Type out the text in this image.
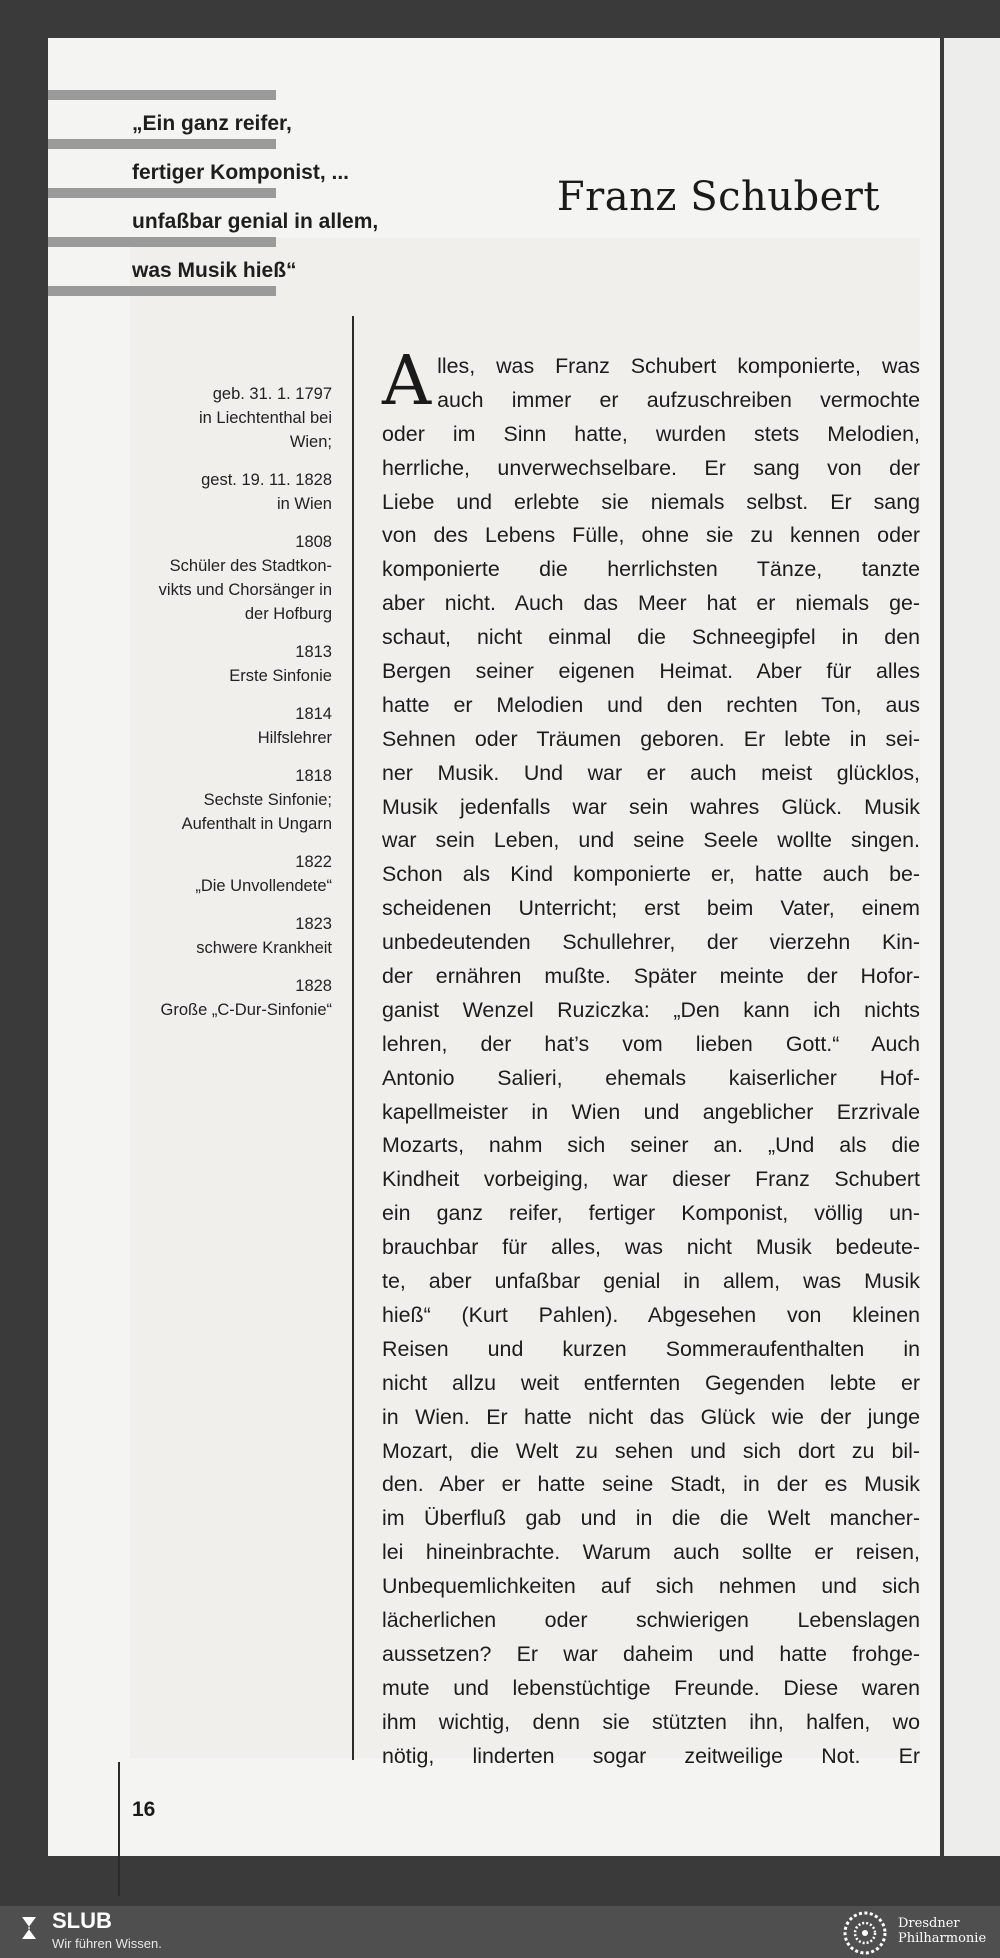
„Ein ganz reifer,
fertiger Komponist, ...
unfaßbar genial in allem,
was Musik hieß“
Franz Schubert
geb. 31. 1. 1797
in Liechtenthal bei
Wien;
gest. 19. 11. 1828
in Wien
1808
Schüler des Stadtkon-
vikts und Chorsänger in
der Hofburg
1813
Erste Sinfonie
1814
Hilfslehrer
1818
Sechste Sinfonie;
Aufenthalt in Ungarn
1822
„Die Unvollendete“
1823
schwere Krankheit
1828
Große „C-Dur-Sinfonie“
A lles, was Franz Schubert komponierte, was
auch immer er aufzuschreiben vermochte
oder im Sinn hatte, wurden stets Melodien,
herrliche, unverwechselbare. Er sang von der
Liebe und erlebte sie niemals selbst. Er sang
von des Lebens Fülle, ohne sie zu kennen oder
komponierte die herrlichsten Tänze, tanzte
aber nicht. Auch das Meer hat er niemals ge-
schaut, nicht einmal die Schneegipfel in den
Bergen seiner eigenen Heimat. Aber für alles
hatte er Melodien und den rechten Ton, aus
Sehnen oder Träumen geboren. Er lebte in sei-
ner Musik. Und war er auch meist glücklos,
Musik jedenfalls war sein wahres Glück. Musik
war sein Leben, und seine Seele wollte singen.
Schon als Kind komponierte er, hatte auch be-
scheidenen Unterricht; erst beim Vater, einem
unbedeutenden Schullehrer, der vierzehn Kin-
der ernähren mußte. Später meinte der Hofor-
ganist Wenzel Ruziczka: „Den kann ich nichts
lehren, der hat’s vom lieben Gott.“ Auch
Antonio Salieri, ehemals kaiserlicher Hof-
kapellmeister in Wien und angeblicher Erzrivale
Mozarts, nahm sich seiner an. „Und als die
Kindheit vorbeiging, war dieser Franz Schubert
ein ganz reifer, fertiger Komponist, völlig un-
brauchbar für alles, was nicht Musik bedeute-
te, aber unfaßbar genial in allem, was Musik
hieß“ (Kurt Pahlen). Abgesehen von kleinen
Reisen und kurzen Sommeraufenthalten in
nicht allzu weit entfernten Gegenden lebte er
in Wien. Er hatte nicht das Glück wie der junge
Mozart, die Welt zu sehen und sich dort zu bil-
den. Aber er hatte seine Stadt, in der es Musik
im Überfluß gab und in die die Welt mancher-
lei hineinbrachte. Warum auch sollte er reisen,
Unbequemlichkeiten auf sich nehmen und sich
lächerlichen oder schwierigen Lebenslagen
aussetzen? Er war daheim und hatte frohge-
mute und lebenstüchtige Freunde. Diese waren
ihm wichtig, denn sie stützten ihn, halfen, wo
nötig, linderten sogar zeitweilige Not. Er
16
SLUB
Wir führen Wissen.
Dresdner
Philharmonie
